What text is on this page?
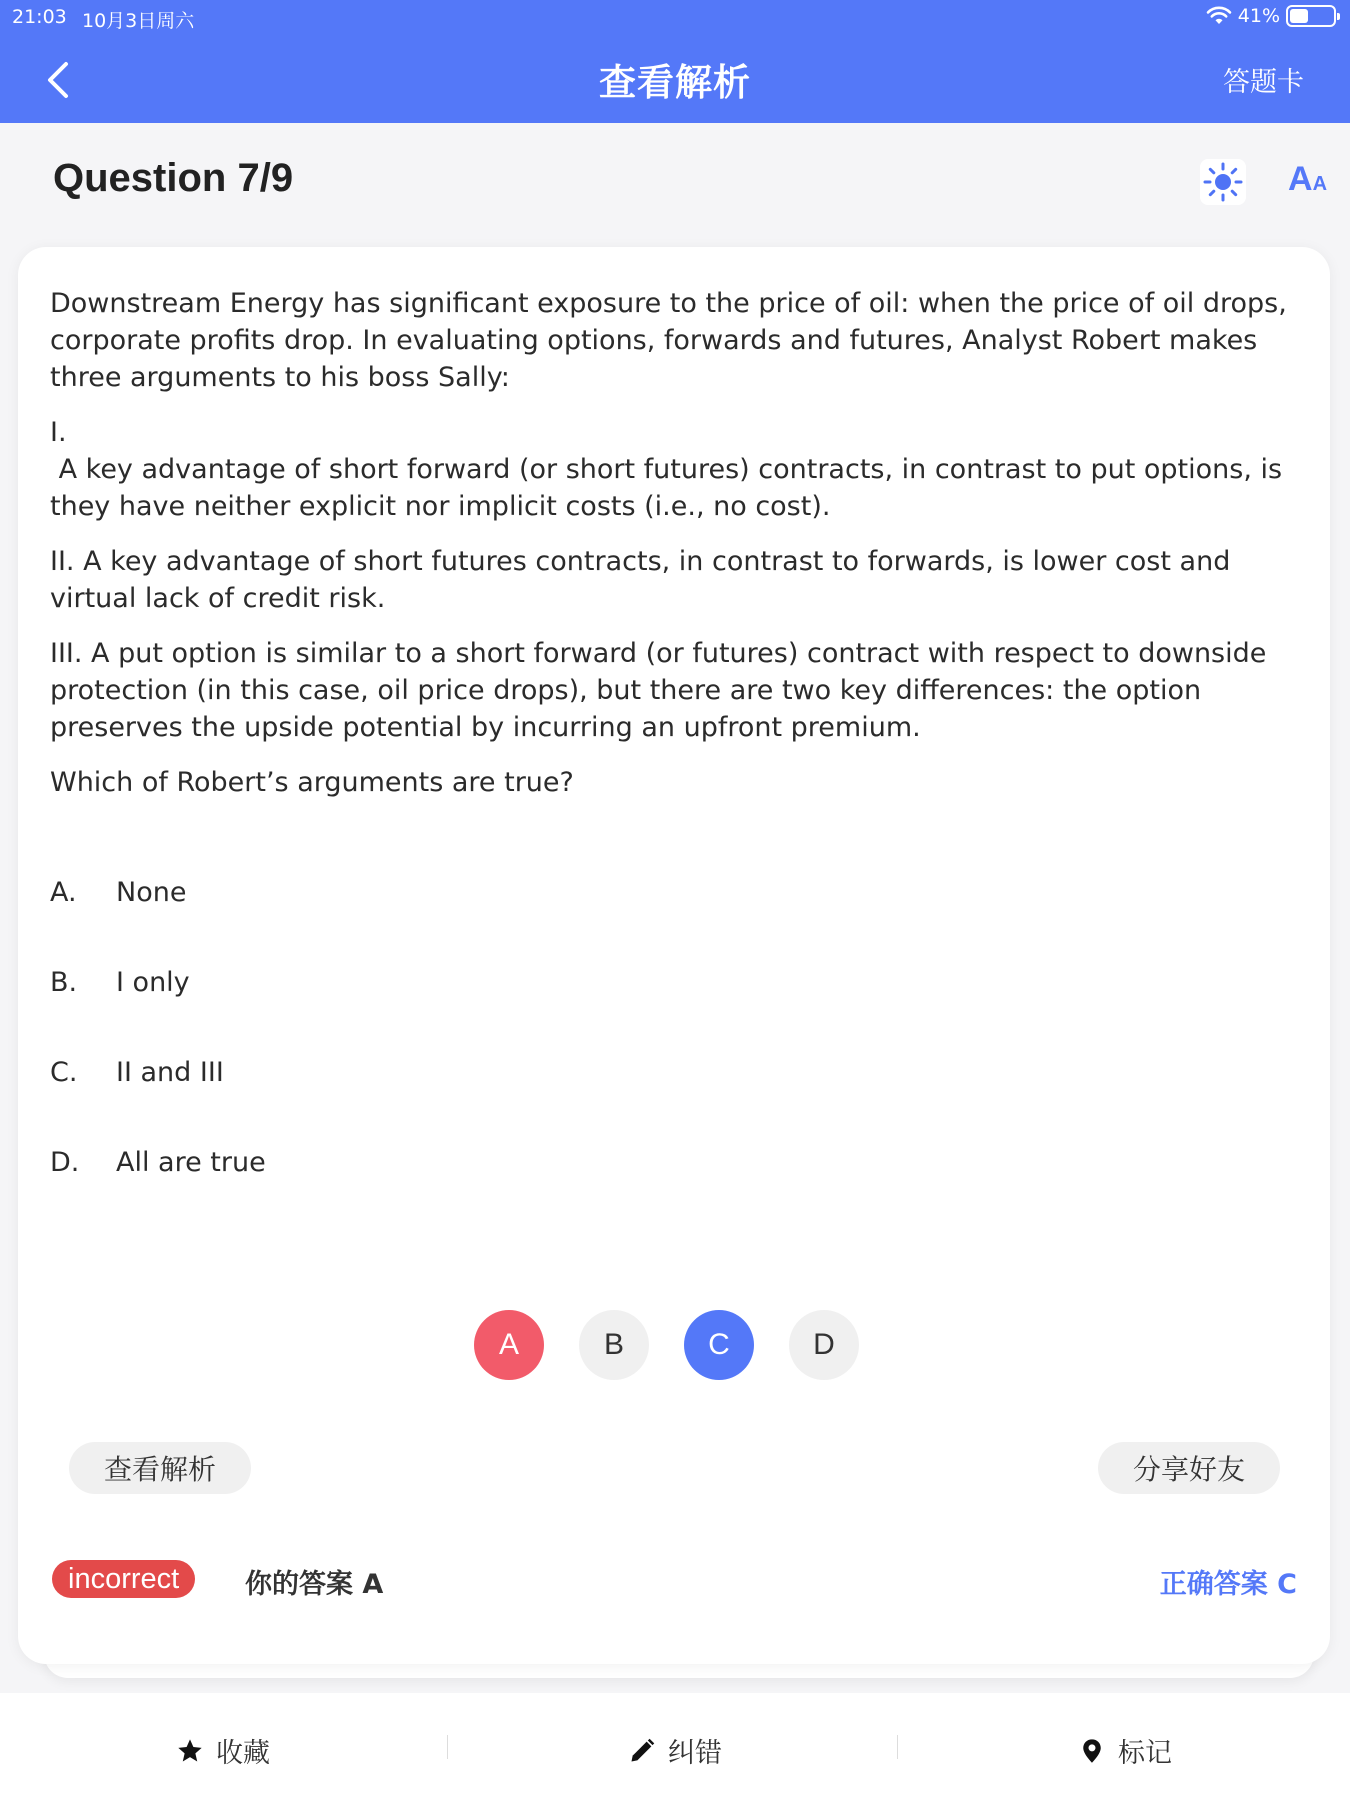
21:03 10月3日周六	41%
查看解析	答题卡
Question 7/9	AA

Downstream Energy has significant exposure to the price of oil: when the price of oil drops, corporate profits drop. In evaluating options, forwards and futures, Analyst Robert makes three arguments to his boss Sally:

I.

A key advantage of short forward (or short futures) contracts, in contrast to put options, is they have neither explicit nor implicit costs (i.e., no cost).

II. A key advantage of short futures contracts, in contrast to forwards, is lower cost and virtual lack of credit risk.

III. A put option is similar to a short forward (or futures) contract with respect to downside protection (in this case, oil price drops), but there are two key differences: the option preserves the upside potential by incurring an upfront premium.

Which of Robert’s arguments are true?

A.	None
B.	I only
C.	II and III
D.	All are true
A	B	C	D
查看解析	分享好友
incorrect	你的答案 A	正确答案 C
收藏	纠错	标记
